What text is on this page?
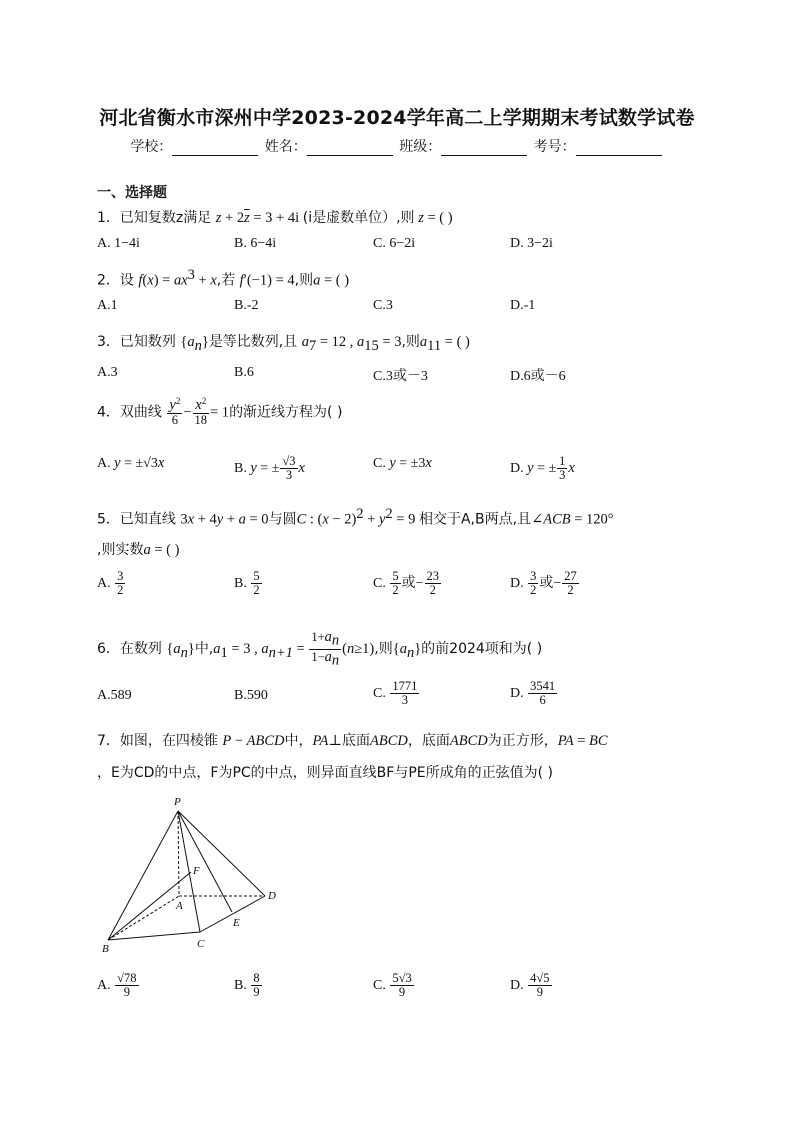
河北省衡水市深州中学2023-2024学年高二上学期期末考试数学试卷
学校：	姓名：	班级：	考号：
一、选择题
1．已知复数z满足 $z + 2\overline{z} = 3 + 4i$ (i是虚数单位）,则 z = ( )
A. 1−4i	B. 6−4i	C. 6−2i	D. 3−2i
2．设 $f(x) = ax^3 + x$,若 f′(−1) = 4,则a = ( )
A.1	B.-2	C.3	D.-1
3．已知数列 $\{a_n\}$是等比数列,且 $a_7 = 12$ , $a_{15} = 3$,则$a_{11}$ = ( )
A.3	B.6	C.3或－3	D.6或－6
4．双曲线 $\frac{y^2}{6} - \frac{x^2}{18} = 1$的渐近线方程为( )
A. y = ±√3x	B. y = ± $\frac{√3}{3}$ x	C. y = ±3x	D. y = ± $\frac{1}{3}$ x
5．已知直线 3x + 4y + a = 0与圆C : $(x - 2)^2 + y^2 = 9$ 相交于A,B两点,且∠ACB = 120°
,则实数a = ( )
A. $\frac{3}{2}$	B. $\frac{5}{2}$	C. $\frac{5}{2}$ 或− $\frac{23}{2}$	D. $\frac{3}{2}$ 或− $\frac{27}{2}$
6．在数列 $\{a_n\}$中$,a_1 = 3$ , $a_{n+1} = \frac{1+a_n}{1-a_n} (n\ge 1)$,则$\{a_n\}$的前2024项和为( )
A.589	B.590	C. $\frac{1771}{3}$	D. $\frac{3541}{6}$
7．如图，在四棱锥 P − ABCD中，PA⊥底面ABCD，底面ABCD为正方形，PA = BC
，E为CD的中点，F为PC的中点，则异面直线BF与PE所成角的正弦值为( )
P
F
A
D
E
B	C
A. $\frac{√78}{9}$	B. $\frac{8}{9}$	C. $\frac{5√3}{9}$	D. $\frac{4√5}{9}$
